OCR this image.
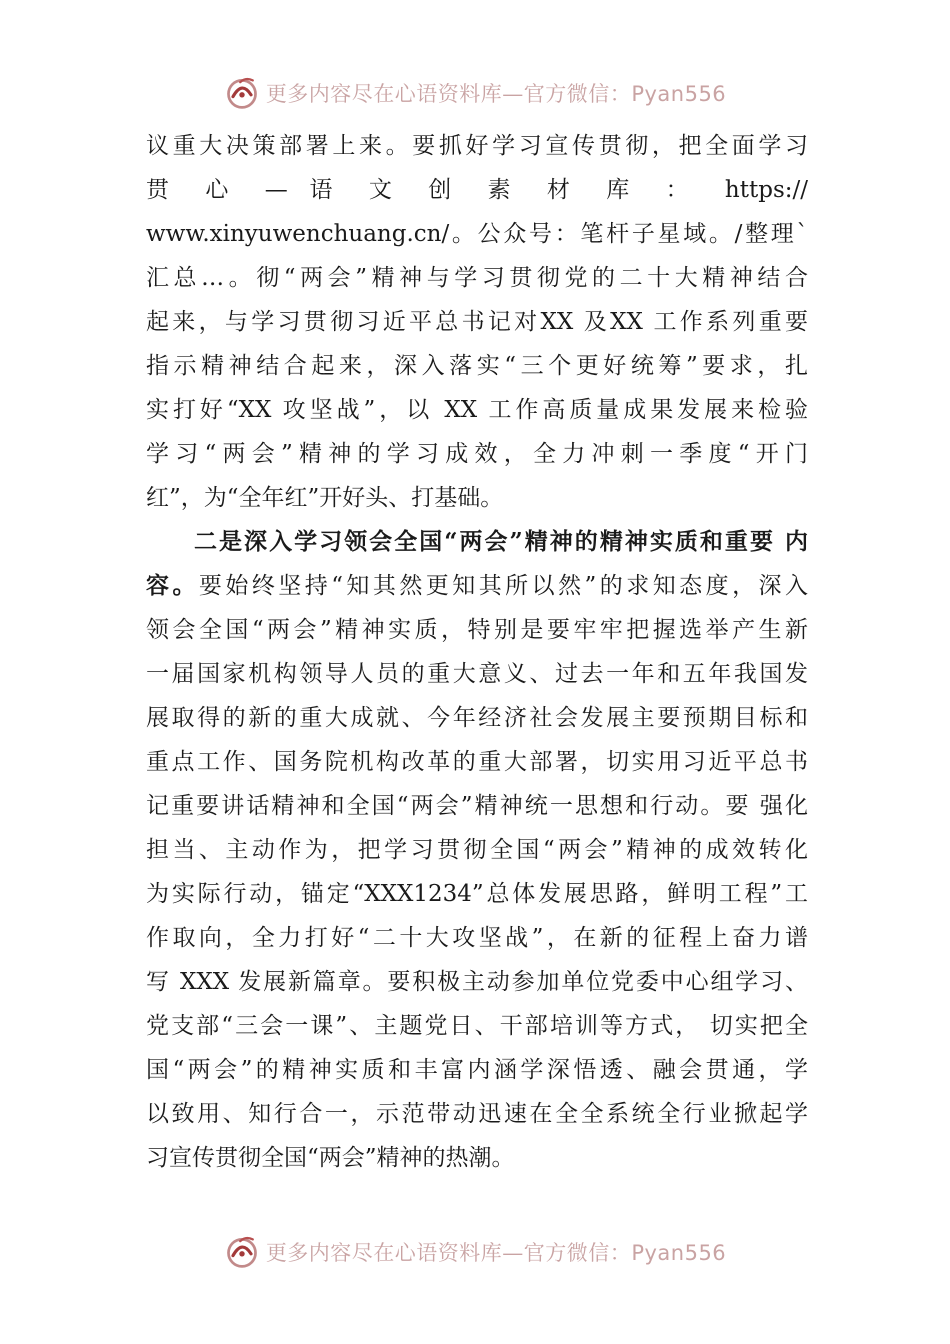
更多内容尽在心语资料库—官方微信：Pyan556
议重大决策部署上来。要抓好学习宣传贯彻，把全面学习
贯 心 — 语 文 创 素 材 库 ： https://
www.xinyuwenchuang.cn/。公众号：笔杆子星域。/整理`
汇总…。彻“两会”精神与学习贯彻党的二十大精神结合
起来，与学习贯彻习近平总书记对XX 及XX 工作系列重要
指示精神结合起来，深入落实“三个更好统筹”要求，扎
实打好“XX 攻坚战”，以 XX 工作高质量成果发展来检验
学习“两会”精神的学习成效，全力冲刺一季度“开门
红”，为“全年红”开好头、打基础。
二是深入学习领会全国“两会”精神的精神实质和重要 内
容。要始终坚持“知其然更知其所以然”的求知态度，深入
领会全国“两会”精神实质，特别是要牢牢把握选举产生新
一届国家机构领导人员的重大意义、过去一年和五年我国发
展取得的新的重大成就、今年经济社会发展主要预期目标和
重点工作、国务院机构改革的重大部署，切实用习近平总书
记重要讲话精神和全国“两会”精神统一思想和行动。要 强化
担当、主动作为，把学习贯彻全国“两会”精神的成效转化
为实际行动，锚定“XXX1234”总体发展思路，鲜明工程”工
作取向，全力打好“二十大攻坚战”，在新的征程上奋力谱
写 XXX 发展新篇章。要积极主动参加单位党委中心组学习、
党支部“三会一课”、主题党日、干部培训等方式， 切实把全
国“两会”的精神实质和丰富内涵学深悟透、融会贯通，学
以致用、知行合一，示范带动迅速在全全系统全行业掀起学
习宣传贯彻全国“两会”精神的热潮。
更多内容尽在心语资料库—官方微信：Pyan556
